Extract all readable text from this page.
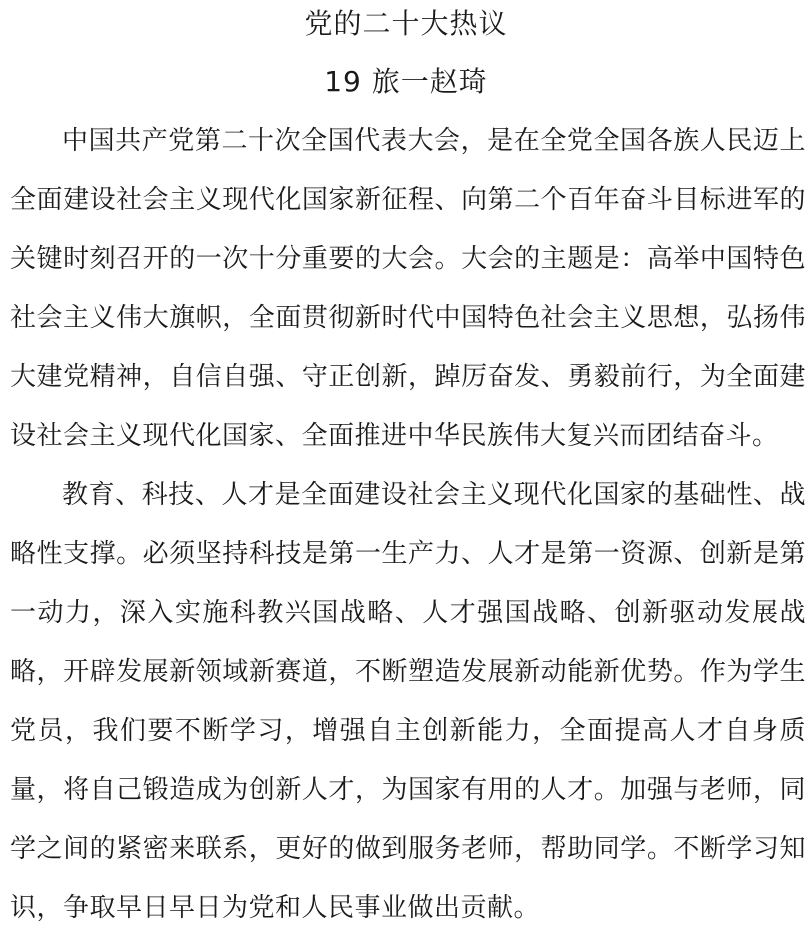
党的二十大热议
19 旅一赵琦

中国共产党第二十次全国代表大会，是在全党全国各族人民迈上全面建设社会主义现代化国家新征程、向第二个百年奋斗目标进军的关键时刻召开的一次十分重要的大会。大会的主题是：高举中国特色社会主义伟大旗帜，全面贯彻新时代中国特色社会主义思想，弘扬伟大建党精神，自信自强、守正创新，踔厉奋发、勇毅前行，为全面建设社会主义现代化国家、全面推进中华民族伟大复兴而团结奋斗。

教育、科技、人才是全面建设社会主义现代化国家的基础性、战略性支撑。必须坚持科技是第一生产力、人才是第一资源、创新是第一动力，深入实施科教兴国战略、人才强国战略、创新驱动发展战略，开辟发展新领域新赛道，不断塑造发展新动能新优势。作为学生党员，我们要不断学习，增强自主创新能力，全面提高人才自身质量，将自己锻造成为创新人才，为国家有用的人才。加强与老师，同学之间的紧密来联系，更好的做到服务老师，帮助同学。不断学习知识，争取早日早日为党和人民事业做出贡献。
